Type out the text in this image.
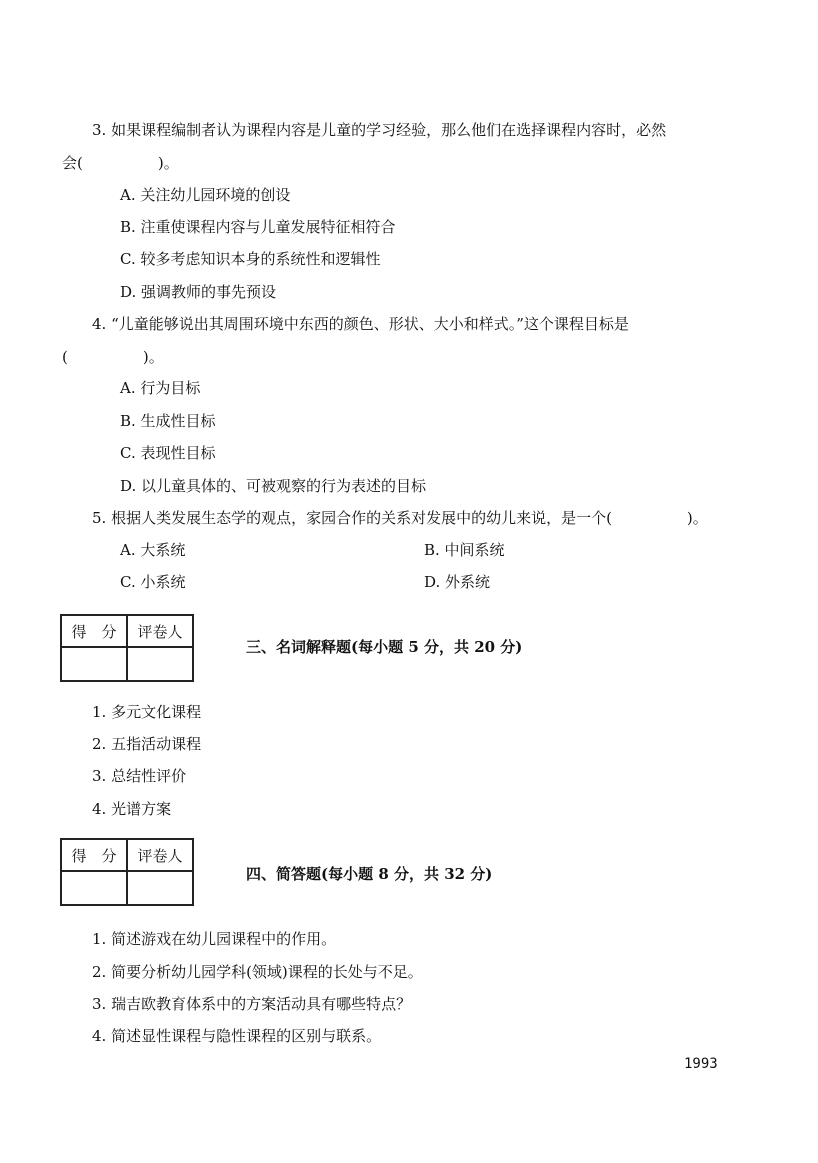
3. 如果课程编制者认为课程内容是儿童的学习经验，那么他们在选择课程内容时，必然
会(　　　　　)。
A. 关注幼儿园环境的创设
B. 注重使课程内容与儿童发展特征相符合
C. 较多考虑知识本身的系统性和逻辑性
D. 强调教师的事先预设
4. “儿童能够说出其周围环境中东西的颜色、形状、大小和样式。”这个课程目标是
(　　　　　)。
A. 行为目标
B. 生成性目标
C. 表现性目标
D. 以儿童具体的、可被观察的行为表述的目标
5. 根据人类发展生态学的观点，家园合作的关系对发展中的幼儿来说，是一个(　　　　　)。
A. 大系统	B. 中间系统
C. 小系统	D. 外系统
得　分	评卷人

三、名词解释题(每小题 5 分，共 20 分)
1. 多元文化课程
2. 五指活动课程
3. 总结性评价
4. 光谱方案
得　分	评卷人

四、简答题(每小题 8 分，共 32 分)
1. 简述游戏在幼儿园课程中的作用。
2. 简要分析幼儿园学科(领域)课程的长处与不足。
3. 瑞吉欧教育体系中的方案活动具有哪些特点？
4. 简述显性课程与隐性课程的区别与联系。
1993
